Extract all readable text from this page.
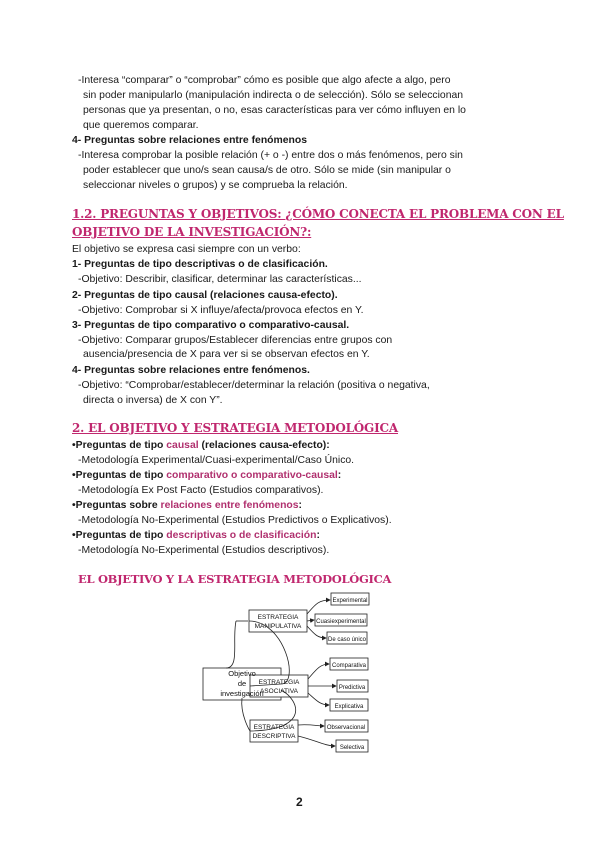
-Interesa “comparar” o “comprobar” cómo es posible que algo afecte a algo, pero
sin poder manipularlo (manipulación indirecta o de selección). Sólo se seleccionan
personas que ya presentan, o no, esas características para ver cómo influyen en lo
que queremos comparar.
4- Preguntas sobre relaciones entre fenómenos
-Interesa comprobar la posible relación (+ o -) entre dos o más fenómenos, pero sin
poder establecer que uno/s sean causa/s de otro. Sólo se mide (sin manipular o
seleccionar niveles o grupos) y se comprueba la relación.
1.2. PREGUNTAS Y OBJETIVOS: ¿CÓMO CONECTA EL PROBLEMA CON EL
OBJETIVO DE LA INVESTIGACIÓN?:
El objetivo se expresa casi siempre con un verbo:
1- Preguntas de tipo descriptivas o de clasificación.
-Objetivo: Describir, clasificar, determinar las características...
2- Preguntas de tipo causal (relaciones causa-efecto).
-Objetivo: Comprobar si X influye/afecta/provoca efectos en Y.
3- Preguntas de tipo comparativo o comparativo-causal.
-Objetivo: Comparar grupos/Establecer diferencias entre grupos con
ausencia/presencia de X para ver si se observan efectos en Y.
4- Preguntas sobre relaciones entre fenómenos.
-Objetivo: “Comprobar/establecer/determinar la relación (positiva o negativa,
directa o inversa) de X con Y”.
2. EL OBJETIVO Y ESTRATEGIA METODOLÓGICA
•Preguntas de tipo causal (relaciones causa-efecto):
-Metodología Experimental/Cuasi-experimental/Caso Único.
•Preguntas de tipo comparativo o comparativo-causal:
-Metodología Ex Post Facto (Estudios comparativos).
•Preguntas sobre relaciones entre fenómenos:
-Metodología No-Experimental (Estudios Predictivos o Explicativos).
•Preguntas de tipo descriptivas o de clasificación:
-Metodología No-Experimental (Estudios descriptivos).
EL OBJETIVO Y LA ESTRATEGIA METODOLÓGICA
Objetivo
de
investigación
ESTRATEGIA
MANIPULATIVA
ESTRATEGIA
ASOCIATIVA
ESTRATEGIA
DESCRIPTIVA
Experimental
Cuasiexperimental
De caso único
Comparativa
Predictiva
Explicativa
Observacional
Selectiva
2
